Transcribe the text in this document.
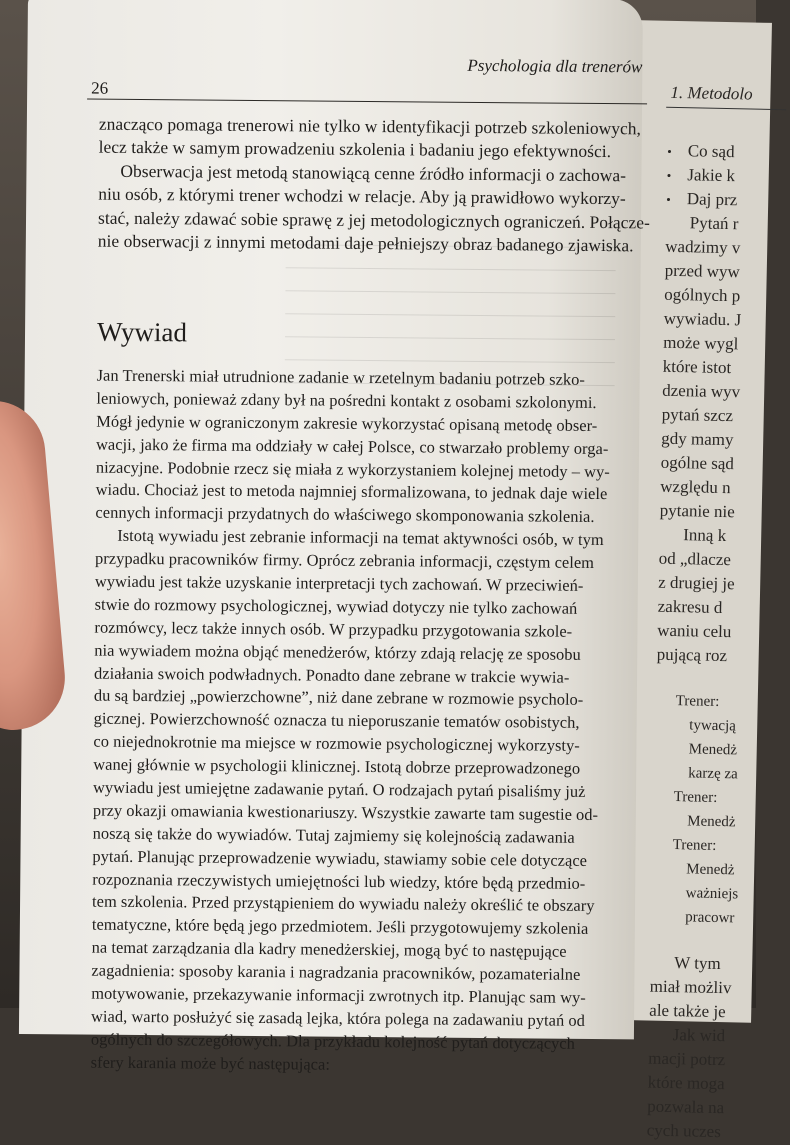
1. Metodolo
• Co sąd
• Jakie k
• Daj prz
Pytań r
wadzimy v
przed wyw
ogólnych p
wywiadu. J
może wygl
które istot
dzenia wyv
pytań szcz
gdy mamy
ogólne sąd
względu n
pytanie nie
Inną k
od „dlacze
z drugiej je
zakresu d
waniu celu
pującą roz
Trener:
tywacją
Menedż
karzę za
Trener:
Menedż
Trener:
Menedż
ważniejs
pracowr
W tym
miał możliv
ale także je
Jak wid
macji potrz
które moga
pozwala na
cych uczes
26
Psychologia dla trenerów
znacząco pomaga trenerowi nie tylko w identyfikacji potrzeb szkoleniowych,
lecz także w samym prowadzeniu szkolenia i badaniu jego efektywności.
Obserwacja jest metodą stanowiącą cenne źródło informacji o zachowa-
niu osób, z którymi trener wchodzi w relacje. Aby ją prawidłowo wykorzy-
stać, należy zdawać sobie sprawę z jej metodologicznych ograniczeń. Połącze-
nie obserwacji z innymi metodami daje pełniejszy obraz badanego zjawiska.
Wywiad
Jan Trenerski miał utrudnione zadanie w rzetelnym badaniu potrzeb szko-
leniowych, ponieważ zdany był na pośredni kontakt z osobami szkolonymi.
Mógł jedynie w ograniczonym zakresie wykorzystać opisaną metodę obser-
wacji, jako że firma ma oddziały w całej Polsce, co stwarzało problemy orga-
nizacyjne. Podobnie rzecz się miała z wykorzystaniem kolejnej metody – wy-
wiadu. Chociaż jest to metoda najmniej sformalizowana, to jednak daje wiele
cennych informacji przydatnych do właściwego skomponowania szkolenia.
Istotą wywiadu jest zebranie informacji na temat aktywności osób, w tym
przypadku pracowników firmy. Oprócz zebrania informacji, częstym celem
wywiadu jest także uzyskanie interpretacji tych zachowań. W przeciwień-
stwie do rozmowy psychologicznej, wywiad dotyczy nie tylko zachowań
rozmówcy, lecz także innych osób. W przypadku przygotowania szkole-
nia wywiadem można objąć menedżerów, którzy zdają relację ze sposobu
działania swoich podwładnych. Ponadto dane zebrane w trakcie wywia-
du są bardziej „powierzchowne”, niż dane zebrane w rozmowie psycholo-
gicznej. Powierzchowność oznacza tu nieporuszanie tematów osobistych,
co niejednokrotnie ma miejsce w rozmowie psychologicznej wykorzysty-
wanej głównie w psychologii klinicznej. Istotą dobrze przeprowadzonego
wywiadu jest umiejętne zadawanie pytań. O rodzajach pytań pisaliśmy już
przy okazji omawiania kwestionariuszy. Wszystkie zawarte tam sugestie od-
noszą się także do wywiadów. Tutaj zajmiemy się kolejnością zadawania
pytań. Planując przeprowadzenie wywiadu, stawiamy sobie cele dotyczące
rozpoznania rzeczywistych umiejętności lub wiedzy, które będą przedmio-
tem szkolenia. Przed przystąpieniem do wywiadu należy określić te obszary
tematyczne, które będą jego przedmiotem. Jeśli przygotowujemy szkolenia
na temat zarządzania dla kadry menedżerskiej, mogą być to następujące
zagadnienia: sposoby karania i nagradzania pracowników, pozamaterialne
motywowanie, przekazywanie informacji zwrotnych itp. Planując sam wy-
wiad, warto posłużyć się zasadą lejka, która polega na zadawaniu pytań od
ogólnych do szczegółowych. Dla przykładu kolejność pytań dotyczących
sfery karania może być następująca:
